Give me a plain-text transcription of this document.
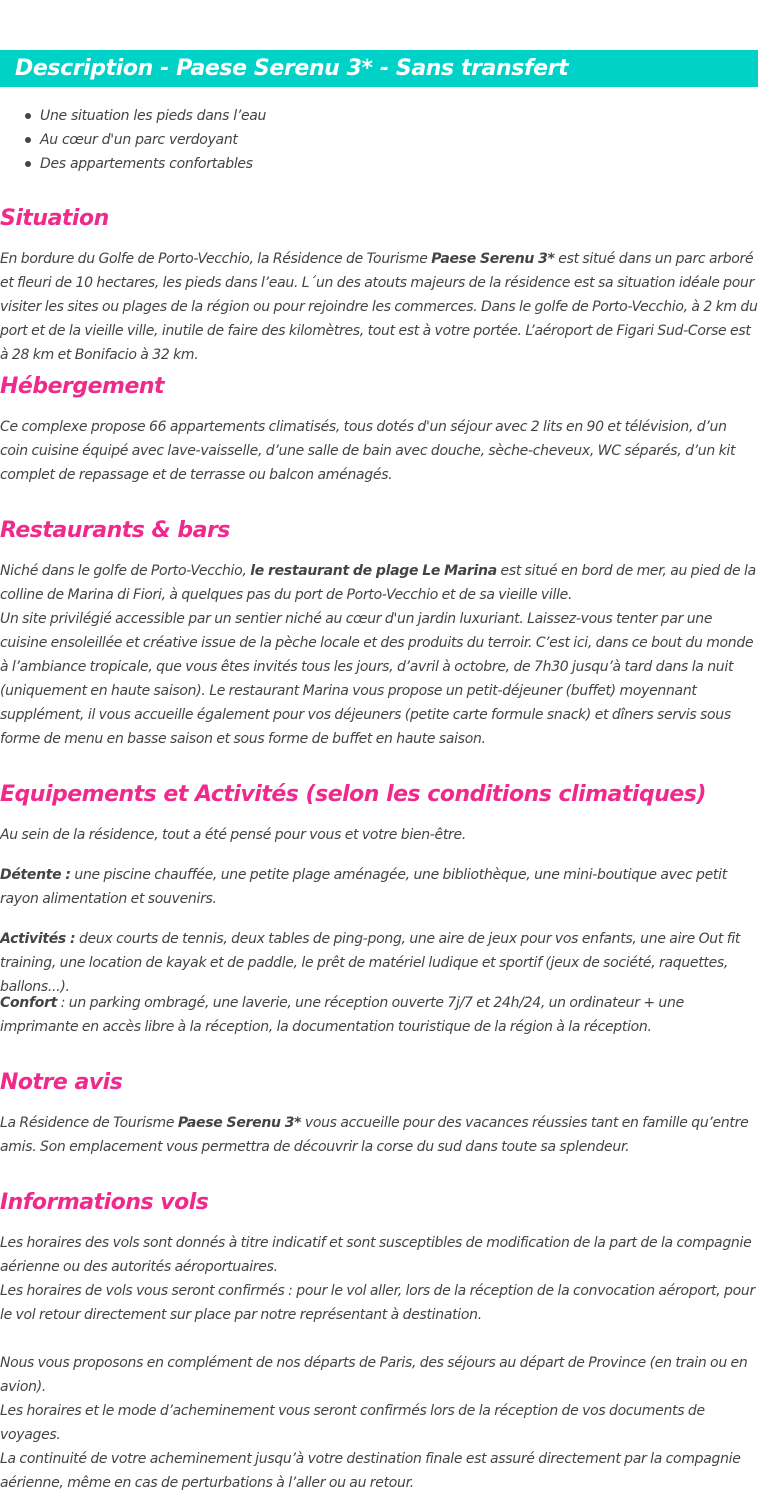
Description - Paese Serenu 3* - Sans transfert
Une situation les pieds dans l’eau
Au cœur d'un parc verdoyant
Des appartements confortables
Situation

En bordure du Golfe de Porto-Vecchio, la Résidence de Tourisme Paese Serenu 3* est situé dans un parc arboré et fleuri de 10 hectares, les pieds dans l’eau. L´un des atouts majeurs de la résidence est sa situation idéale pour visiter les sites ou plages de la région ou pour rejoindre les commerces. Dans le golfe de Porto-Vecchio, à 2 km du port et de la vieille ville, inutile de faire des kilomètres, tout est à votre portée. L’aéroport de Figari Sud-Corse est à 28 km et Bonifacio à 32 km.

Hébergement

Ce complexe propose 66 appartements climatisés, tous dotés d'un séjour avec 2 lits en 90 et télévision, d’un coin cuisine équipé avec lave-vaisselle, d’une salle de bain avec douche, sèche-cheveux, WC séparés, d’un kit complet de repassage et de terrasse ou balcon aménagés.

Restaurants & bars

Niché dans le golfe de Porto-Vecchio, le restaurant de plage Le Marina est situé en bord de mer, au pied de la colline de Marina di Fiori, à quelques pas du port de Porto-Vecchio et de sa vieille ville.
Un site privilégié accessible par un sentier niché au cœur d'un jardin luxuriant. Laissez-vous tenter par une cuisine ensoleillée et créative issue de la pèche locale et des produits du terroir. C’est ici, dans ce bout du monde à l’ambiance tropicale, que vous êtes invités tous les jours, d’avril à octobre, de 7h30 jusqu’à tard dans la nuit (uniquement en haute saison). Le restaurant Marina vous propose un petit-déjeuner (buffet) moyennant supplément, il vous accueille également pour vos déjeuners (petite carte formule snack) et dîners servis sous forme de menu en basse saison et sous forme de buffet en haute saison.

Equipements et Activités (selon les conditions climatiques)

Au sein de la résidence, tout a été pensé pour vous et votre bien-être.

Détente : une piscine chauffée, une petite plage aménagée, une bibliothèque, une mini-boutique avec petit rayon alimentation et souvenirs.

Activités : deux courts de tennis, deux tables de ping-pong, une aire de jeux pour vos enfants, une aire Out fit training, une location de kayak et de paddle, le prêt de matériel ludique et sportif (jeux de société, raquettes, ballons...).

Confort : un parking ombragé, une laverie, une réception ouverte 7j/7 et 24h/24, un ordinateur + une imprimante en accès libre à la réception, la documentation touristique de la région à la réception.

Notre avis

La Résidence de Tourisme Paese Serenu 3* vous accueille pour des vacances réussies tant en famille qu’entre amis. Son emplacement vous permettra de découvrir la corse du sud dans toute sa splendeur.

Informations vols

Les horaires des vols sont donnés à titre indicatif et sont susceptibles de modification de la part de la compagnie aérienne ou des autorités aéroportuaires.
Les horaires de vols vous seront confirmés : pour le vol aller, lors de la réception de la convocation aéroport, pour le vol retour directement sur place par notre représentant à destination.

Nous vous proposons en complément de nos départs de Paris, des séjours au départ de Province (en train ou en avion).
Les horaires et le mode d’acheminement vous seront confirmés lors de la réception de vos documents de voyages.
La continuité de votre acheminement jusqu’à votre destination finale est assuré directement par la compagnie aérienne, même en cas de perturbations à l’aller ou au retour.
